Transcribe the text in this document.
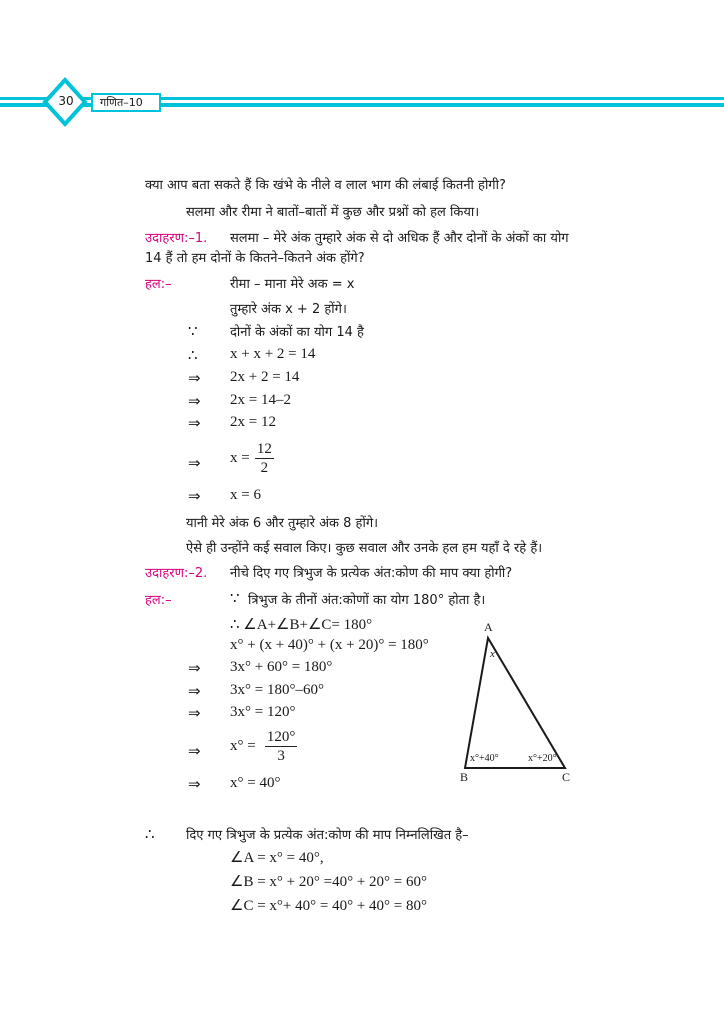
30 गणित–10
क्या आप बता सकते हैं कि खंभे के नीले व लाल भाग की लंबाई कितनी होगी?
सलमा और रीमा ने बातों–बातों में कुछ और प्रश्नों को हल किया।
उदाहरण:–1. सलमा – मेरे अंक तुम्हारे अंक से दो अधिक हैं और दोनों के अंकों का योग
14 हैं तो हम दोनों के कितने–कितने अंक होंगे?
हल:–	रीमा – माना मेरे अक = x
तुम्हारे अंक x + 2 होंगे।
∵ दोनों के अंकों का योग 14 है
∴ x + x + 2 = 14
⇒ 2x + 2 = 14
⇒ 2x = 14–2
⇒ 2x = 12
⇒ $x = \frac{12}{2}$
⇒ x = 6
यानी मेरे अंक 6 और तुम्हारे अंक 8 होंगे।
ऐसे ही उन्होंने कई सवाल किए। कुछ सवाल और उनके हल हम यहाँ दे रहे हैं।
उदाहरण:–2. नीचे दिए गए त्रिभुज के प्रत्येक अंत:कोण की माप क्या होगी?
हल:–	∵ त्रिभुज के तीनों अंत:कोणों का योग 180° होता है।
∴ ∠A+∠B+∠C= 180°
x° + (x + 40)° + (x + 20)° = 180°
⇒ 3x° + 60° = 180°
⇒ 3x° = 180°–60°
⇒ 3x° = 120°
⇒ $x^\circ = \frac{120^\circ}{3}$
⇒ x° = 40°
A
B	C
x
x°+40°	x°+20°
∴ दिए गए त्रिभुज के प्रत्येक अंत:कोण की माप निम्नलिखित है–
∠A = x° = 40°,
∠B = x° + 20° =40° + 20° = 60°
∠C = x°+ 40° = 40° + 40° = 80°
